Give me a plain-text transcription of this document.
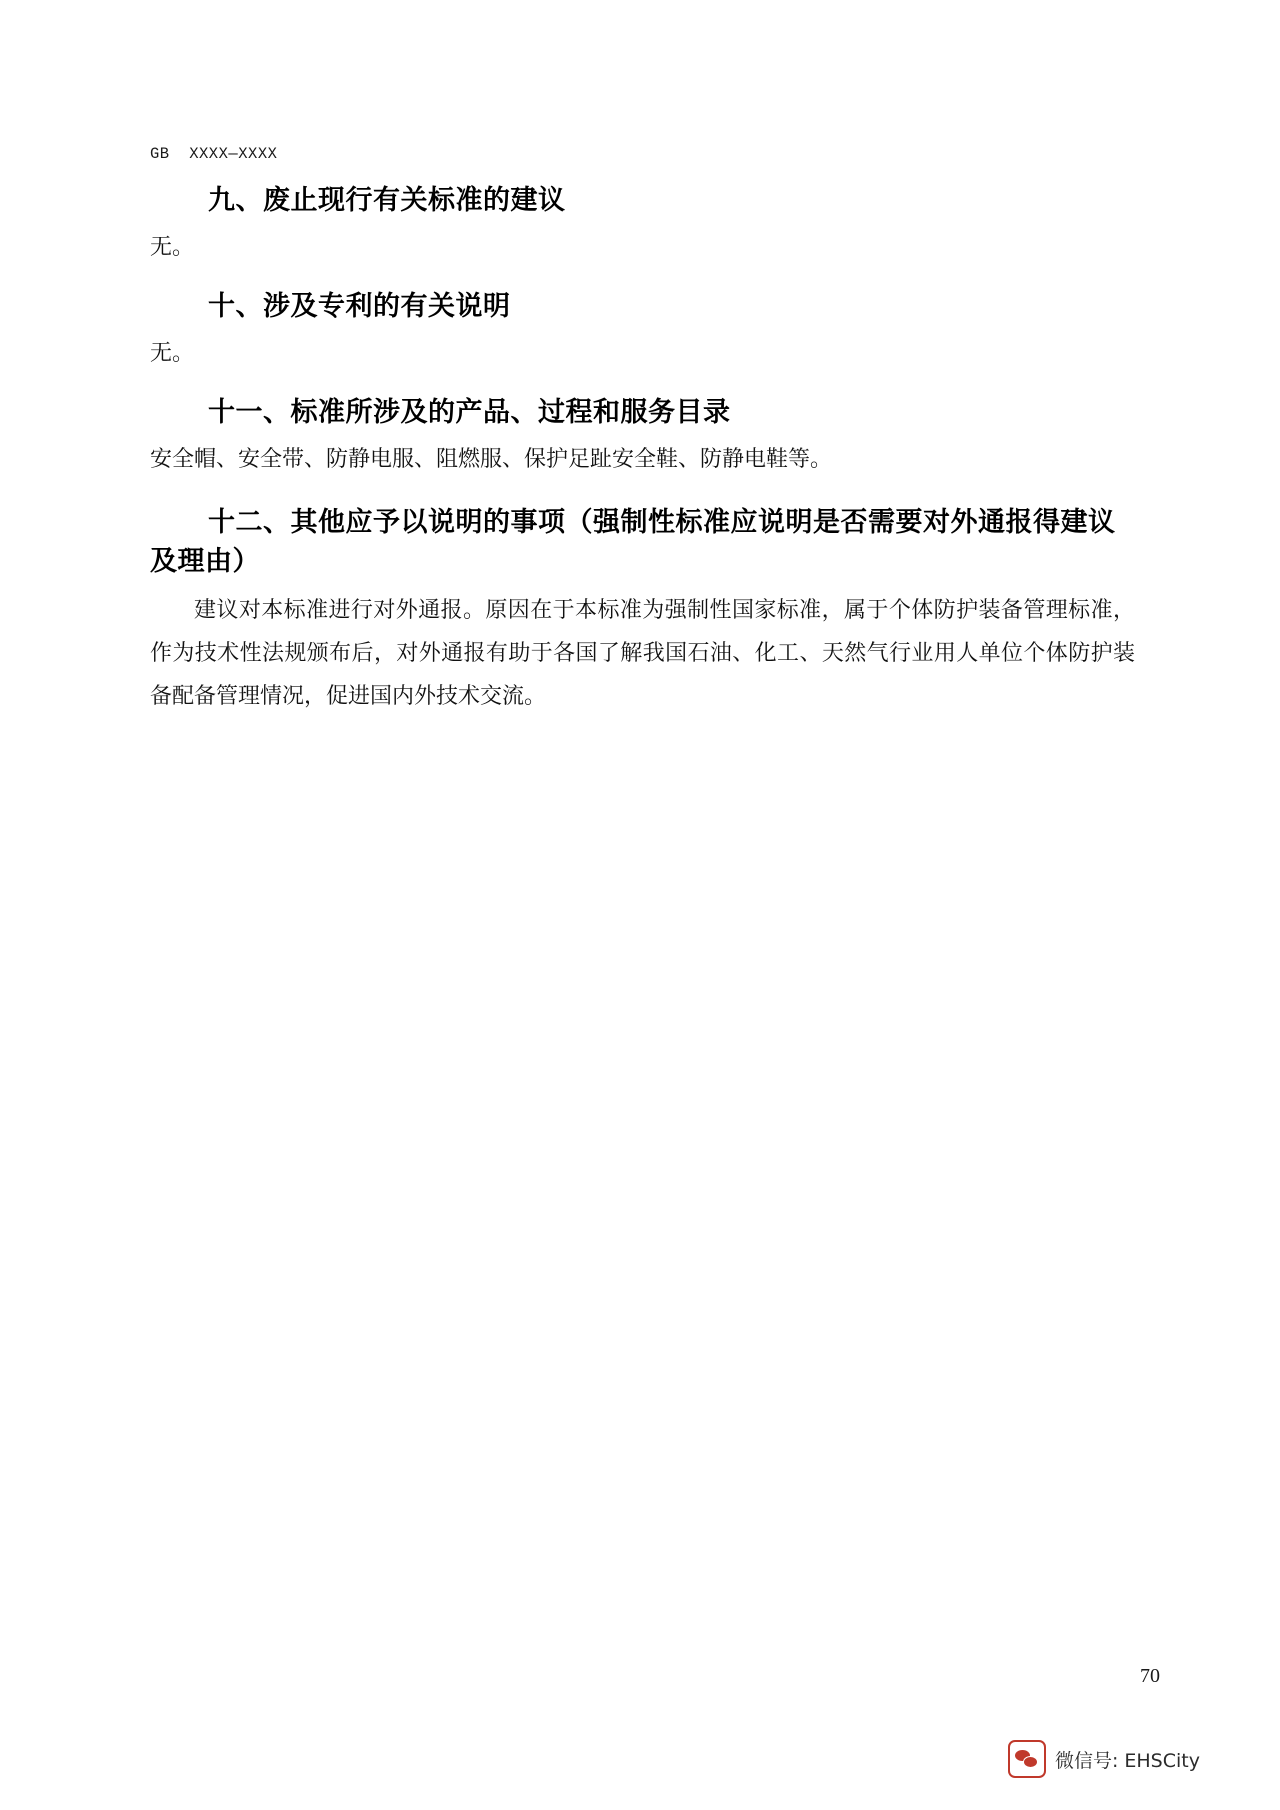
GB  XXXX—XXXX
九、废止现行有关标准的建议

无。

十、涉及专利的有关说明

无。

十一、标准所涉及的产品、过程和服务目录

安全帽、安全带、防静电服、阻燃服、保护足趾安全鞋、防静电鞋等。

十二、其他应予以说明的事项（强制性标准应说明是否需要对外通报得建议及理由）

建议对本标准进行对外通报。原因在于本标准为强制性国家标准，属于个体防护装备管理标准，作为技术性法规颁布后，对外通报有助于各国了解我国石油、化工、天然气行业用人单位个体防护装备配备管理情况，促进国内外技术交流。

70
微信号: EHSCity
